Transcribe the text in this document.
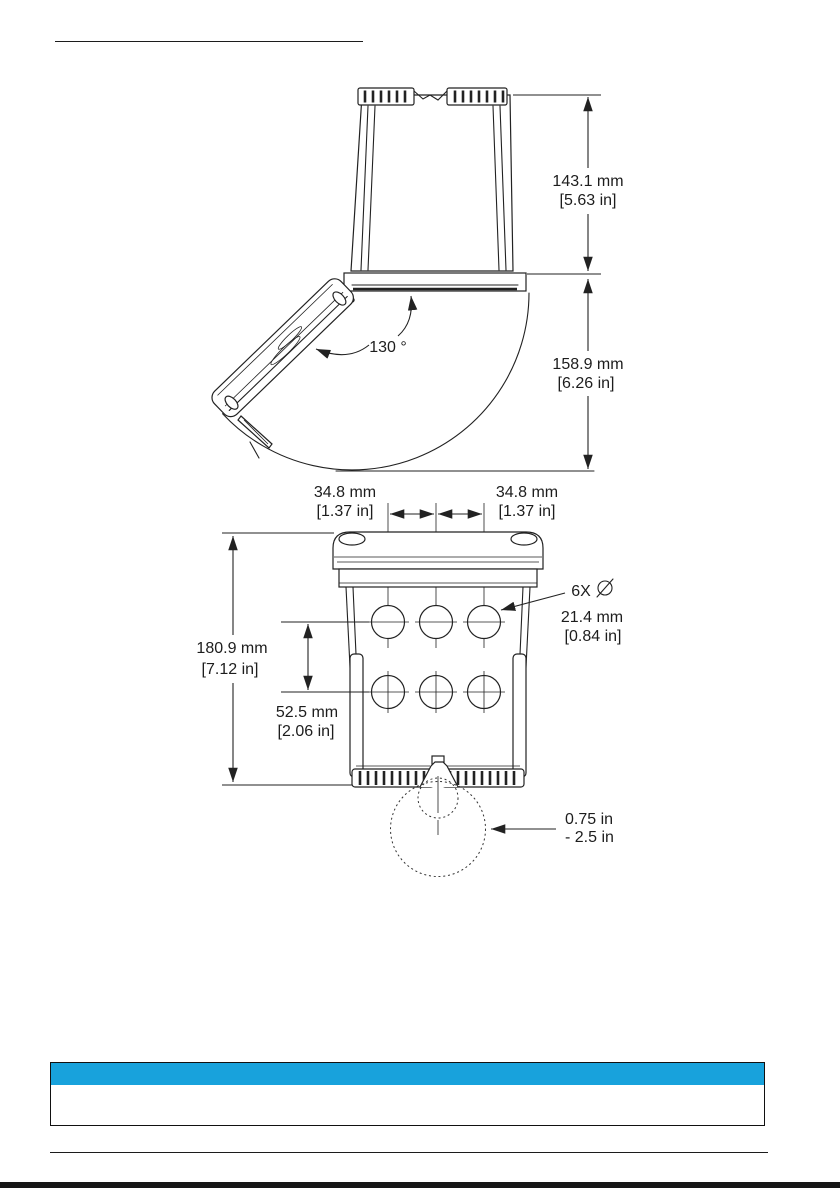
143.1 mm
[5.63 in]
158.9 mm
[6.26 in]
130 °
34.8 mm
[1.37 in]
34.8 mm
[1.37 in]
180.9 mm
[7.12 in]
52.5 mm
[2.06 in]
6X
21.4 mm
[0.84 in]
0.75 in
- 2.5 in
